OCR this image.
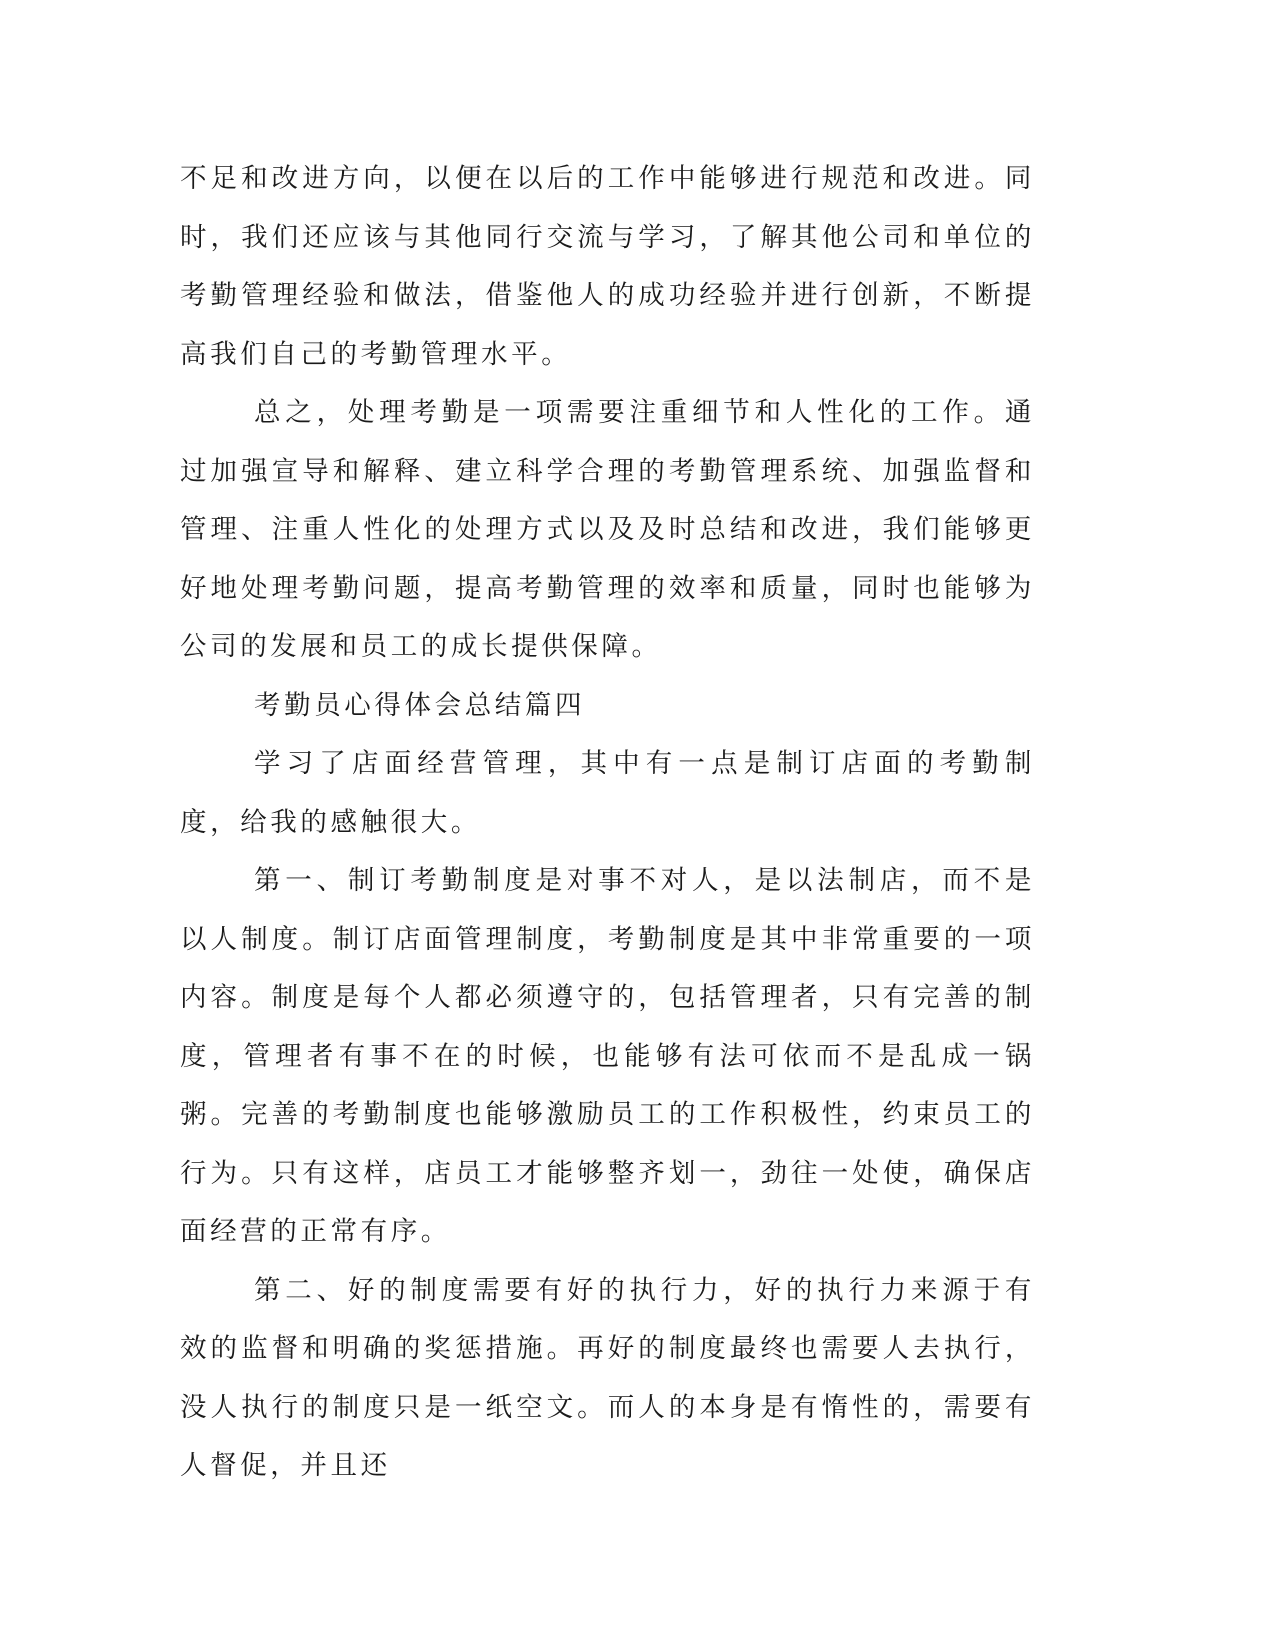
不足和改进方向，以便在以后的工作中能够进行规范和改进。同时，我们还应该与其他同行交流与学习，了解其他公司和单位的考勤管理经验和做法，借鉴他人的成功经验并进行创新，不断提高我们自己的考勤管理水平。

总之，处理考勤是一项需要注重细节和人性化的工作。通过加强宣导和解释、建立科学合理的考勤管理系统、加强监督和管理、注重人性化的处理方式以及及时总结和改进，我们能够更好地处理考勤问题，提高考勤管理的效率和质量，同时也能够为公司的发展和员工的成长提供保障。

考勤员心得体会总结篇四

学习了店面经营管理，其中有一点是制订店面的考勤制度，给我的感触很大。

第一、制订考勤制度是对事不对人，是以法制店，而不是以人制度。制订店面管理制度，考勤制度是其中非常重要的一项内容。制度是每个人都必须遵守的，包括管理者，只有完善的制度，管理者有事不在的时候，也能够有法可依而不是乱成一锅粥。完善的考勤制度也能够激励员工的工作积极性，约束员工的行为。只有这样，店员工才能够整齐划一，劲往一处使，确保店面经营的正常有序。

第二、好的制度需要有好的执行力，好的执行力来源于有效的监督和明确的奖惩措施。再好的制度最终也需要人去执行，没人执行的制度只是一纸空文。而人的本身是有惰性的，需要有人督促，并且还
